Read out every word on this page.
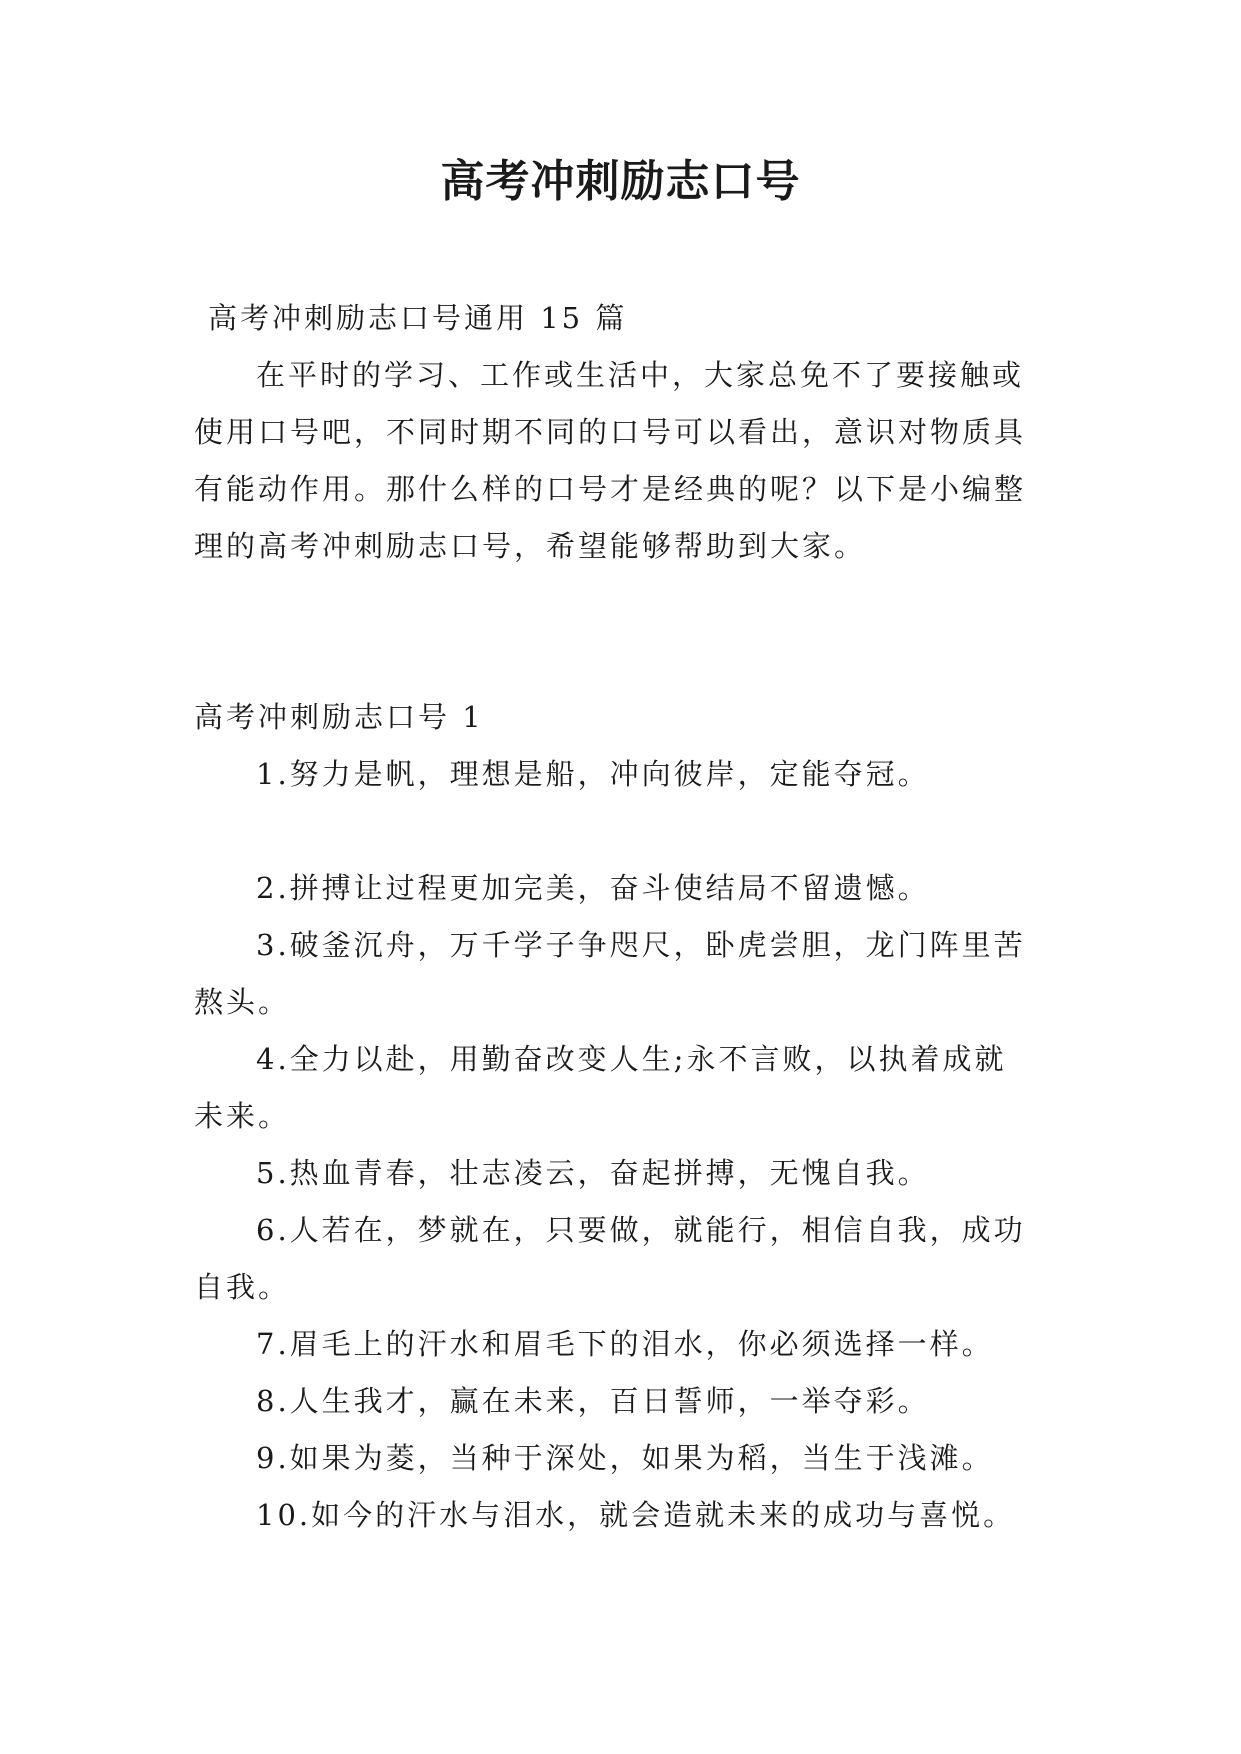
高考冲刺励志口号
高考冲刺励志口号通用 15 篇
在平时的学习、工作或生活中，大家总免不了要接触或
使用口号吧，不同时期不同的口号可以看出，意识对物质具
有能动作用。那什么样的口号才是经典的呢？以下是小编整
理的高考冲刺励志口号，希望能够帮助到大家。
高考冲刺励志口号 1
1.努力是帆，理想是船，冲向彼岸，定能夺冠。
2.拼搏让过程更加完美，奋斗使结局不留遗憾。
3.破釜沉舟，万千学子争咫尺，卧虎尝胆，龙门阵里苦
熬头。
4.全力以赴，用勤奋改变人生;永不言败，以执着成就
未来。
5.热血青春，壮志凌云，奋起拼搏，无愧自我。
6.人若在，梦就在，只要做，就能行，相信自我，成功
自我。
7.眉毛上的汗水和眉毛下的泪水，你必须选择一样。
8.人生我才，赢在未来，百日誓师，一举夺彩。
9.如果为菱，当种于深处，如果为稻，当生于浅滩。
10.如今的汗水与泪水，就会造就未来的成功与喜悦。
